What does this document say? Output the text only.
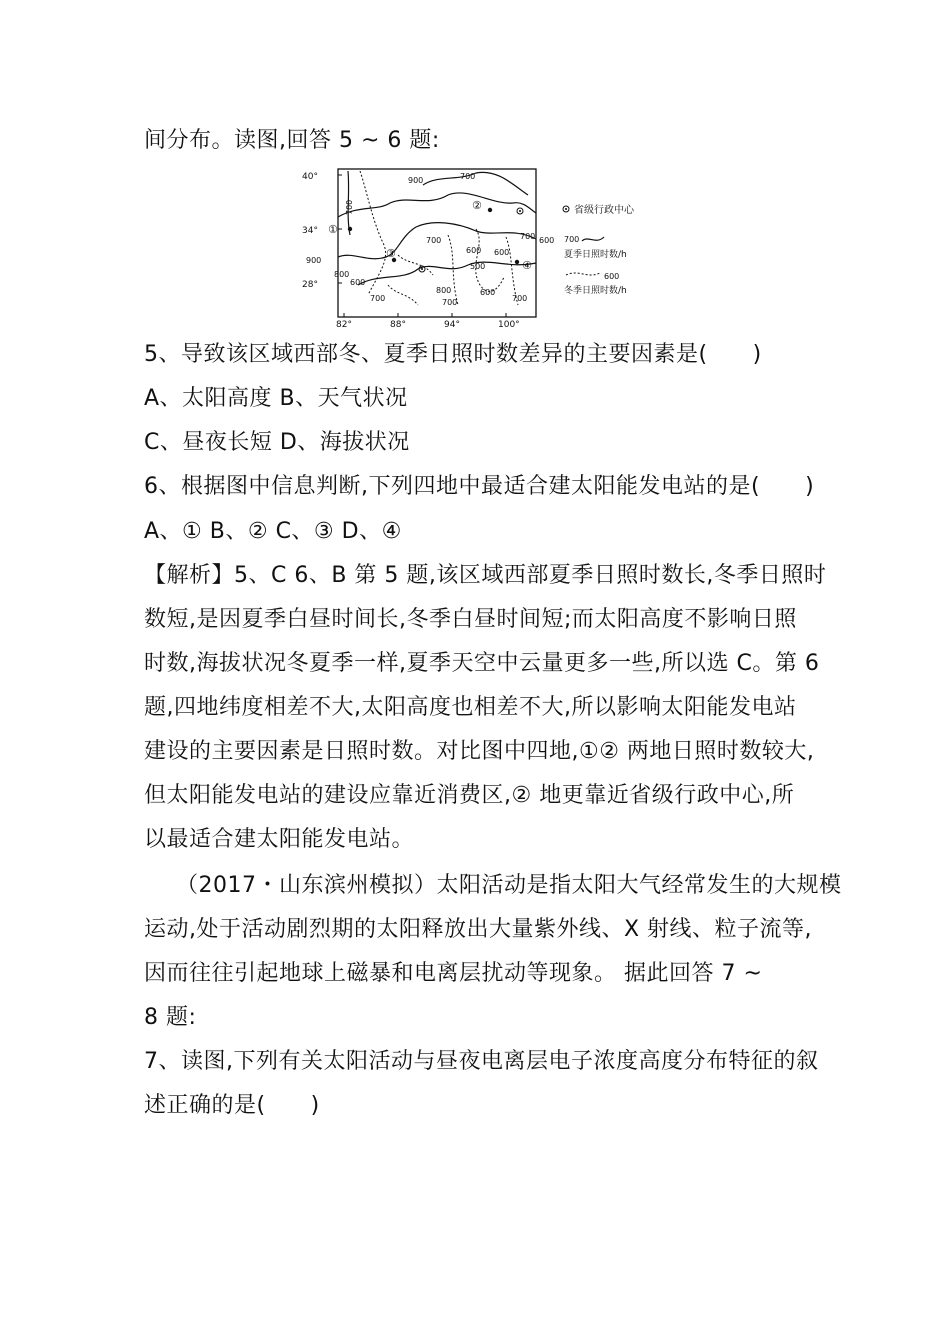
间分布。读图,回答 5 ~ 6 题:
40°
34°
28°
82°	88°	94°	100°
900	700
700
900
800
600
700
700
600
500
600
800
700	700
600
700 600
①
②
③
④
省级行政中心
700
夏季日照时数/h
600
冬季日照时数/h
5、导致该区域西部冬、夏季日照时数差异的主要因素是(　　)
A、太阳高度 B、天气状况
C、昼夜长短 D、海拔状况
6、根据图中信息判断,下列四地中最适合建太阳能发电站的是(　　)
A、① B、② C、③ D、④
【解析】5、C 6、B 第 5 题,该区域西部夏季日照时数长,冬季日照时
数短,是因夏季白昼时间长,冬季白昼时间短;而太阳高度不影响日照
时数,海拔状况冬夏季一样,夏季天空中云量更多一些,所以选 C。第 6
题,四地纬度相差不大,太阳高度也相差不大,所以影响太阳能发电站
建设的主要因素是日照时数。对比图中四地,①② 两地日照时数较大,
但太阳能发电站的建设应靠近消费区,② 地更靠近省级行政中心,所
以最适合建太阳能发电站。
（2017・山东滨州模拟）太阳活动是指太阳大气经常发生的大规模
运动,处于活动剧烈期的太阳释放出大量紫外线、X 射线、粒子流等,
因而往往引起地球上磁暴和电离层扰动等现象。 据此回答 7 ~
8 题:
7、读图,下列有关太阳活动与昼夜电离层电子浓度高度分布特征的叙
述正确的是(　　)
